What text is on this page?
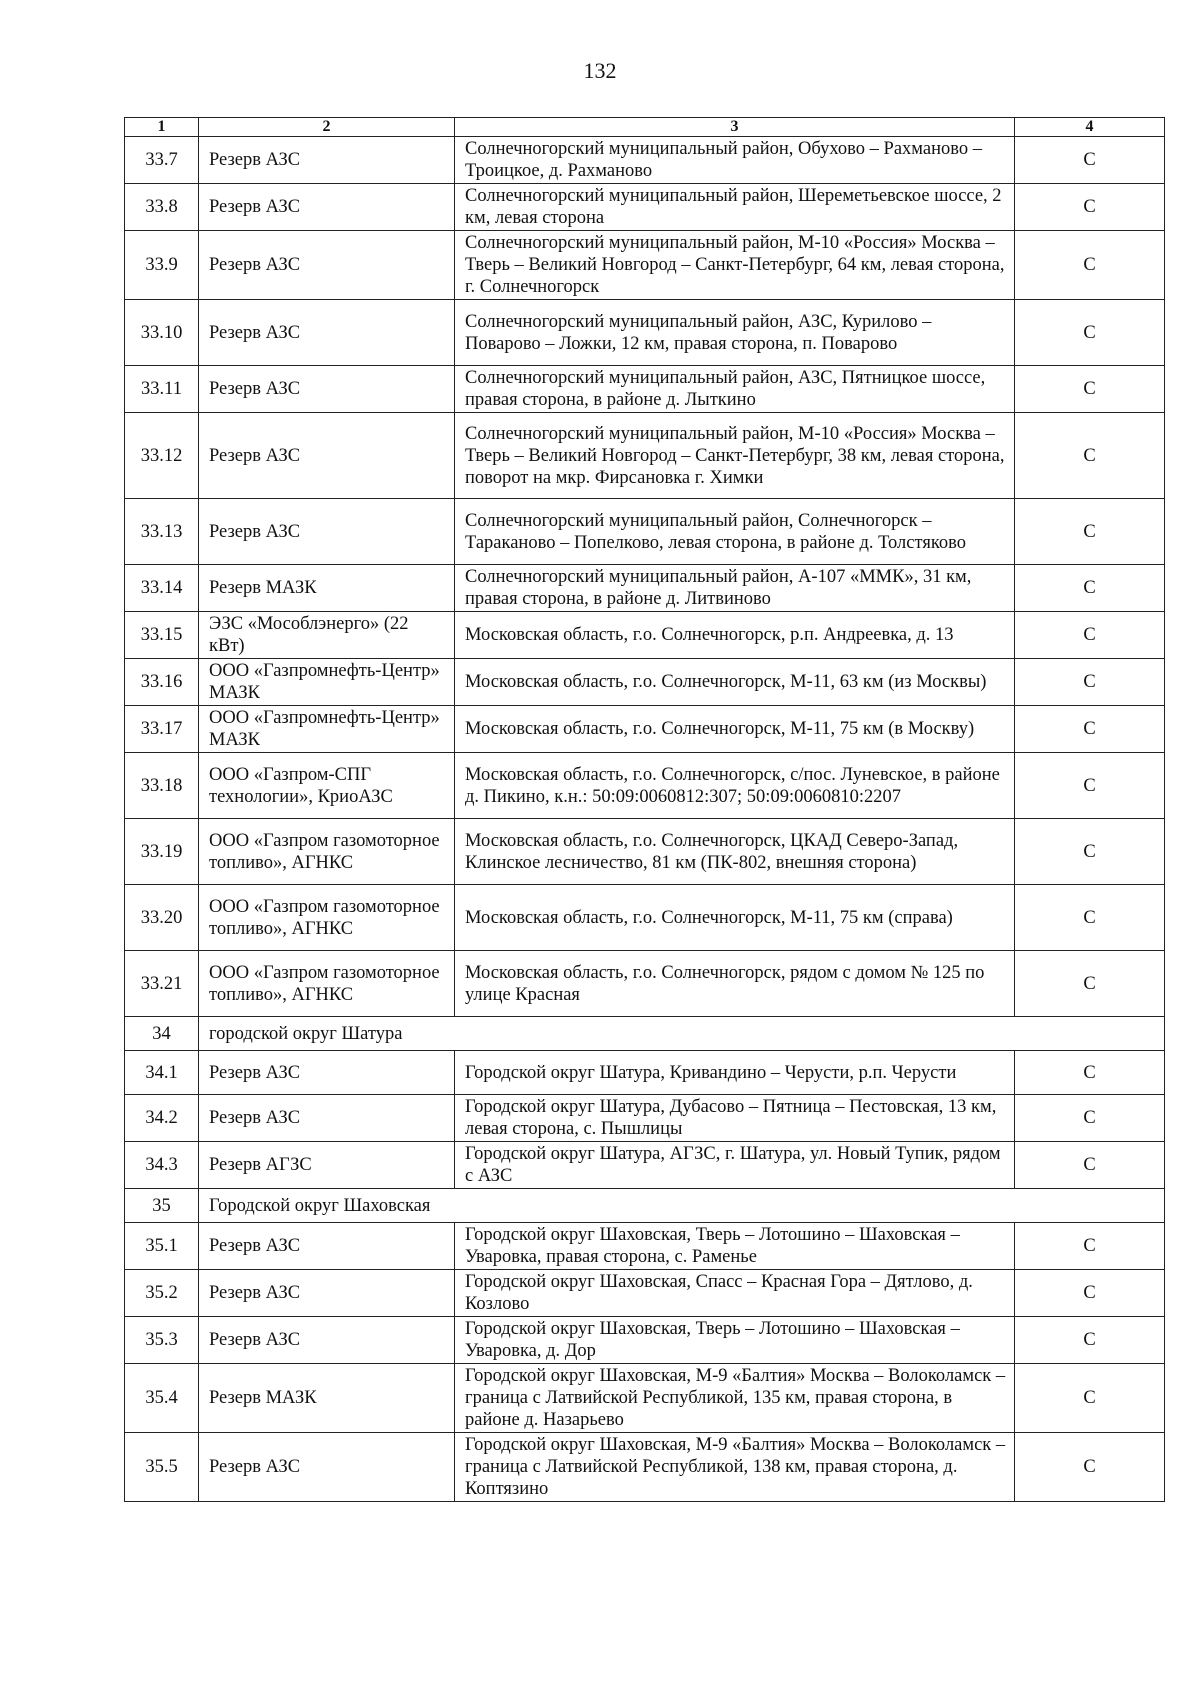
132
1	2	3	4
33.7	Резерв АЗС	Солнечногорский муниципальный район, Обухово – Рахманово – Троицкое, д. Рахманово	С
33.8	Резерв АЗС	Солнечногорский муниципальный район, Шереметьевское шоссе, 2 км, левая сторона	С
33.9	Резерв АЗС	Солнечногорский муниципальный район, М-10 «Россия» Москва – Тверь – Великий Новгород – Санкт-Петербург, 64 км, левая сторона, г. Солнечногорск	С
33.10	Резерв АЗС	Солнечногорский муниципальный район, АЗС, Курилово – Поварово – Ложки, 12 км, правая сторона, п. Поварово	С
33.11	Резерв АЗС	Солнечногорский муниципальный район, АЗС, Пятницкое шоссе, правая сторона, в районе д. Лыткино	С
33.12	Резерв АЗС	Солнечногорский муниципальный район, М-10 «Россия» Москва – Тверь – Великий Новгород – Санкт-Петербург, 38 км, левая сторона, поворот на мкр. Фирсановка г. Химки	С
33.13	Резерв АЗС	Солнечногорский муниципальный район, Солнечногорск – Тараканово – Попелково, левая сторона, в районе д. Толстяково	С
33.14	Резерв МАЗК	Солнечногорский муниципальный район, А-107 «ММК», 31 км, правая сторона, в районе д. Литвиново	С
33.15	ЭЗС «Мособлэнерго» (22 кВт)	Московская область, г.о. Солнечногорск, р.п. Андреевка, д. 13	С
33.16	ООО «Газпромнефть-Центр» МАЗК	Московская область, г.о. Солнечногорск, М-11, 63 км (из Москвы)	С
33.17	ООО «Газпромнефть-Центр» МАЗК	Московская область, г.о. Солнечногорск, М-11, 75 км (в Москву)	С
33.18	ООО «Газпром-СПГ технологии», КриоАЗС	Московская область, г.о. Солнечногорск, с/пос. Луневское, в районе д. Пикино, к.н.: 50:09:0060812:307; 50:09:0060810:2207	С
33.19	ООО «Газпром газомоторное топливо», АГНКС	Московская область, г.о. Солнечногорск, ЦКАД Северо-Запад, Клинское лесничество, 81 км (ПК-802, внешняя сторона)	С
33.20	ООО «Газпром газомоторное топливо», АГНКС	Московская область, г.о. Солнечногорск, М-11, 75 км (справа)	С
33.21	ООО «Газпром газомоторное топливо», АГНКС	Московская область, г.о. Солнечногорск, рядом с домом № 125 по улице Красная	С
34	городской округ Шатура		
34.1	Резерв АЗС	Городской округ Шатура, Кривандино – Черусти, р.п. Черусти	С
34.2	Резерв АЗС	Городской округ Шатура, Дубасово – Пятница – Пестовская, 13 км, левая сторона, с. Пышлицы	С
34.3	Резерв АГЗС	Городской округ Шатура, АГЗС, г. Шатура, ул. Новый Тупик, рядом с АЗС	С
35	Городской округ Шаховская		
35.1	Резерв АЗС	Городской округ Шаховская, Тверь – Лотошино – Шаховская – Уваровка, правая сторона, с. Раменье	С
35.2	Резерв АЗС	Городской округ Шаховская, Спасс – Красная Гора – Дятлово, д. Козлово	С
35.3	Резерв АЗС	Городской округ Шаховская, Тверь – Лотошино – Шаховская – Уваровка, д. Дор	С
35.4	Резерв МАЗК	Городской округ Шаховская, М-9 «Балтия» Москва – Волоколамск – граница с Латвийской Республикой, 135 км, правая сторона, в районе д. Назарьево	С
35.5	Резерв АЗС	Городской округ Шаховская, М-9 «Балтия» Москва – Волоколамск – граница с Латвийской Республикой, 138 км, правая сторона, д. Коптязино	С
